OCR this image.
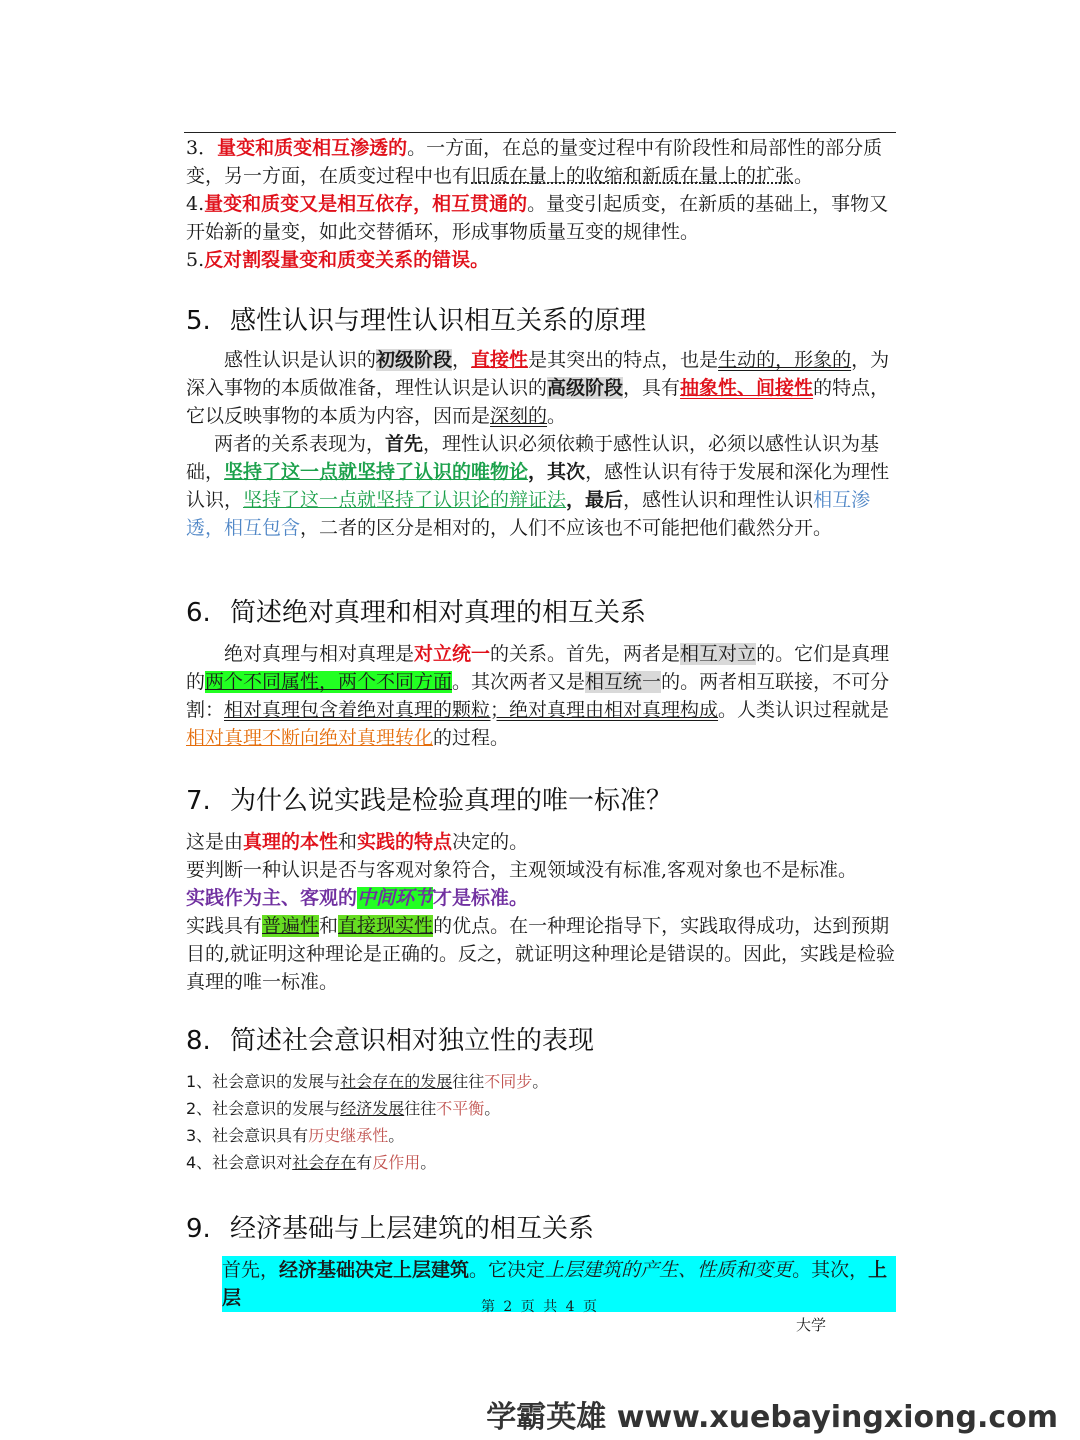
3．量变和质变相互渗透的。一方面，在总的量变过程中有阶段性和局部性的部分质变，另一方面，在质变过程中也有旧质在量上的收缩和新质在量上的扩张。

4.量变和质变又是相互依存，相互贯通的。量变引起质变，在新质的基础上，事物又开始新的量变，如此交替循环，形成事物质量互变的规律性。

5.反对割裂量变和质变关系的错误。

5. 感性认识与理性认识相互关系的原理

感性认识是认识的初级阶段，直接性是其突出的特点，也是生动的，形象的，为深入事物的本质做准备，理性认识是认识的高级阶段，具有抽象性、间接性的特点，它以反映事物的本质为内容，因而是深刻的。

两者的关系表现为，首先，理性认识必须依赖于感性认识，必须以感性认识为基础，坚持了这一点就坚持了认识的唯物论，其次，感性认识有待于发展和深化为理性认识，坚持了这一点就坚持了认识论的辩证法，最后，感性认识和理性认识相互渗透，相互包含，二者的区分是相对的，人们不应该也不可能把他们截然分开。

6. 简述绝对真理和相对真理的相互关系

绝对真理与相对真理是对立统一的关系。首先，两者是相互对立的。它们是真理的两个不同属性，两个不同方面。其次两者又是相互统一的。两者相互联接，不可分割：相对真理包含着绝对真理的颗粒；绝对真理由相对真理构成。人类认识过程就是相对真理不断向绝对真理转化的过程。

7. 为什么说实践是检验真理的唯一标准？

这是由真理的本性和实践的特点决定的。

要判断一种认识是否与客观对象符合，主观领域没有标准,客观对象也不是标准。

实践作为主、客观的中间环节才是标准。

实践具有普遍性和直接现实性的优点。在一种理论指导下，实践取得成功，达到预期目的,就证明这种理论是正确的。反之，就证明这种理论是错误的。因此，实践是检验真理的唯一标准。

8. 简述社会意识相对独立性的表现

1、社会意识的发展与社会存在的发展往往不同步。

2、社会意识的发展与经济发展往往不平衡。

3、社会意识具有历史继承性。

4、社会意识对社会存在有反作用。

9. 经济基础与上层建筑的相互关系

首先，经济基础决定上层建筑。它决定上层建筑的产生、性质和变更。其次，上层	第 2 页 共 4 页
大学
学霸英雄 www.xuebayingxiong.com
